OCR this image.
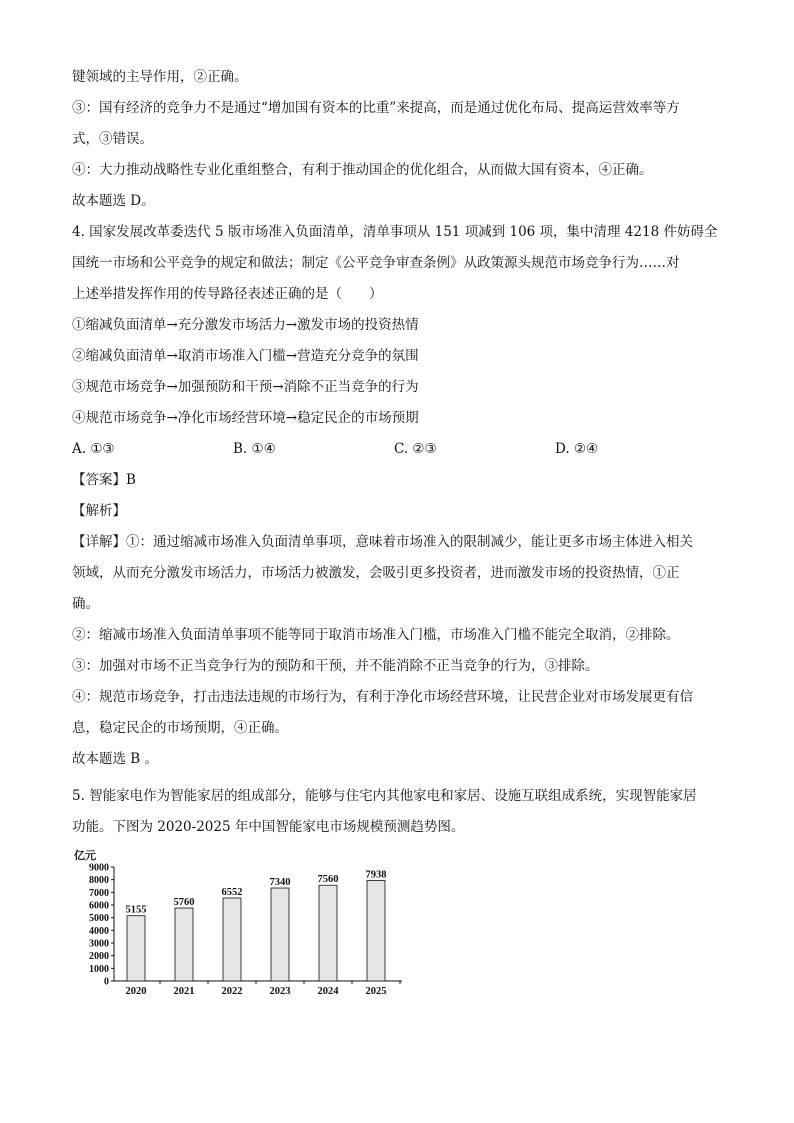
键领域的主导作用，②正确。

③：国有经济的竞争力不是通过“增加国有资本的比重”来提高，而是通过优化布局、提高运营效率等方

式，③错误。

④：大力推动战略性专业化重组整合，有利于推动国企的优化组合，从而做大国有资本，④正确。

故本题选 D。

4. 国家发展改革委迭代 5 版市场准入负面清单，清单事项从 151 项减到 106 项，集中清理 4218 件妨碍全

国统一市场和公平竞争的规定和做法；制定《公平竞争审查条例》从政策源头规范市场竞争行为……对

上述举措发挥作用的传导路径表述正确的是（　　）

①缩减负面清单→充分激发市场活力→激发市场的投资热情

②缩减负面清单→取消市场准入门槛→营造充分竞争的氛围

③规范市场竞争→加强预防和干预→消除不正当竞争的行为

④规范市场竞争→净化市场经营环境→稳定民企的市场预期

A. ①③	B. ①④	C. ②③	D. ②④

【答案】B

【解析】

【详解】①：通过缩减市场准入负面清单事项，意味着市场准入的限制减少，能让更多市场主体进入相关

领域，从而充分激发市场活力，市场活力被激发，会吸引更多投资者，进而激发市场的投资热情，①正

确。

②：缩减市场准入负面清单事项不能等同于取消市场准入门槛，市场准入门槛不能完全取消，②排除。

③：加强对市场不正当竞争行为的预防和干预，并不能消除不正当竞争的行为，③排除。

④：规范市场竞争，打击违法违规的市场行为，有利于净化市场经营环境，让民营企业对市场发展更有信

息，稳定民企的市场预期，④正确。

故本题选 B 。

5. 智能家电作为智能家居的组成部分，能够与住宅内其他家电和家居、设施互联组成系统，实现智能家居

功能。下图为 2020-2025 年中国智能家电市场规模预测趋势图。

亿元
0
1000
2000
3000
4000
5000
6000
7000
8000
9000
5155
2020
5760
2021
6552
2022
7340
2023
7560
2024
7938
2025
